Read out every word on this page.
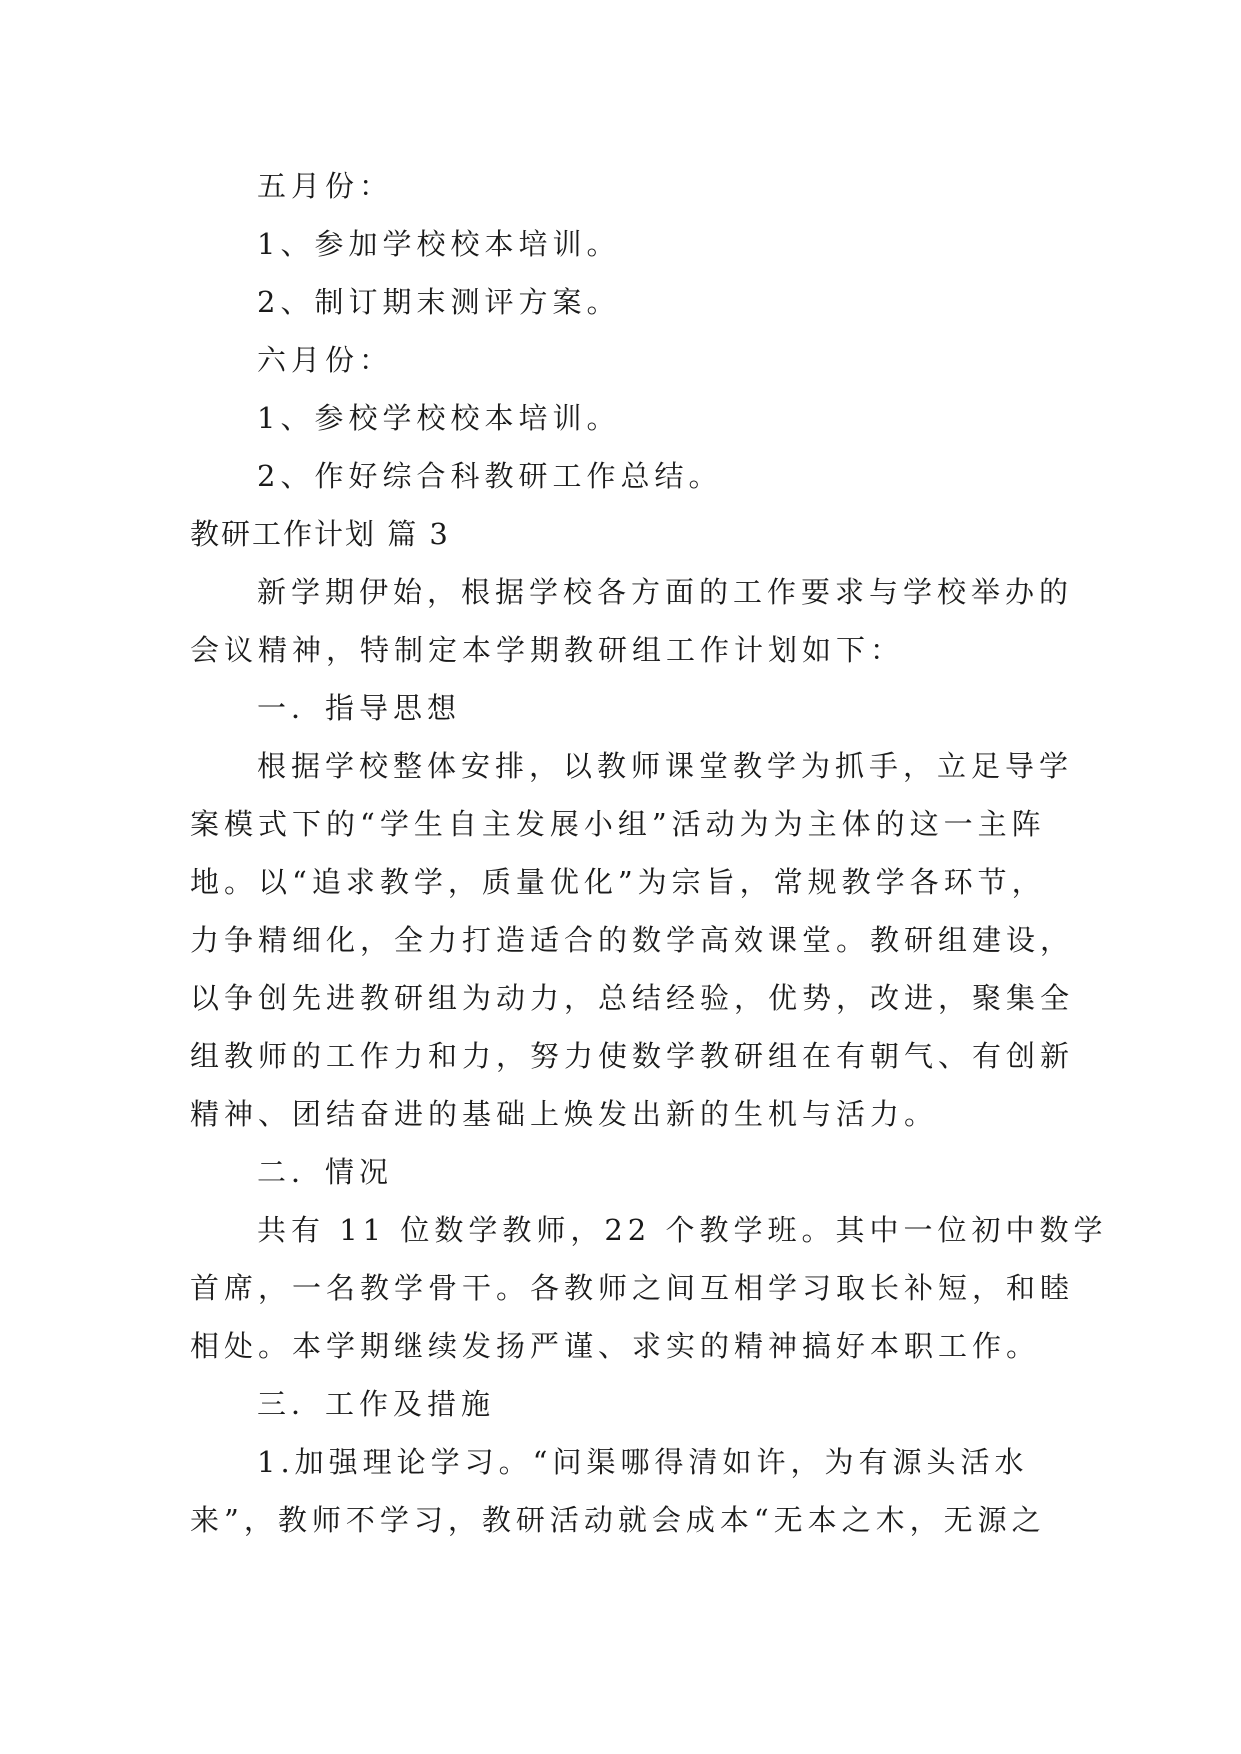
五月份：
1、参加学校校本培训。
2、制订期末测评方案。
六月份：
1、参校学校校本培训。
2、作好综合科教研工作总结。
教研工作计划 篇 3
新学期伊始，根据学校各方面的工作要求与学校举办的
会议精神，特制定本学期教研组工作计划如下：
一．指导思想
根据学校整体安排，以教师课堂教学为抓手，立足导学
案模式下的“学生自主发展小组”活动为为主体的这一主阵
地。以“追求教学，质量优化”为宗旨，常规教学各环节，
力争精细化，全力打造适合的数学高效课堂。教研组建设，
以争创先进教研组为动力，总结经验，优势，改进，聚集全
组教师的工作力和力，努力使数学教研组在有朝气、有创新
精神、团结奋进的基础上焕发出新的生机与活力。
二．情况
共有 11 位数学教师，22 个教学班。其中一位初中数学
首席，一名教学骨干。各教师之间互相学习取长补短，和睦
相处。本学期继续发扬严谨、求实的精神搞好本职工作。
三．工作及措施
1.加强理论学习。“问渠哪得清如许，为有源头活水
来”，教师不学习，教研活动就会成本“无本之木，无源之
